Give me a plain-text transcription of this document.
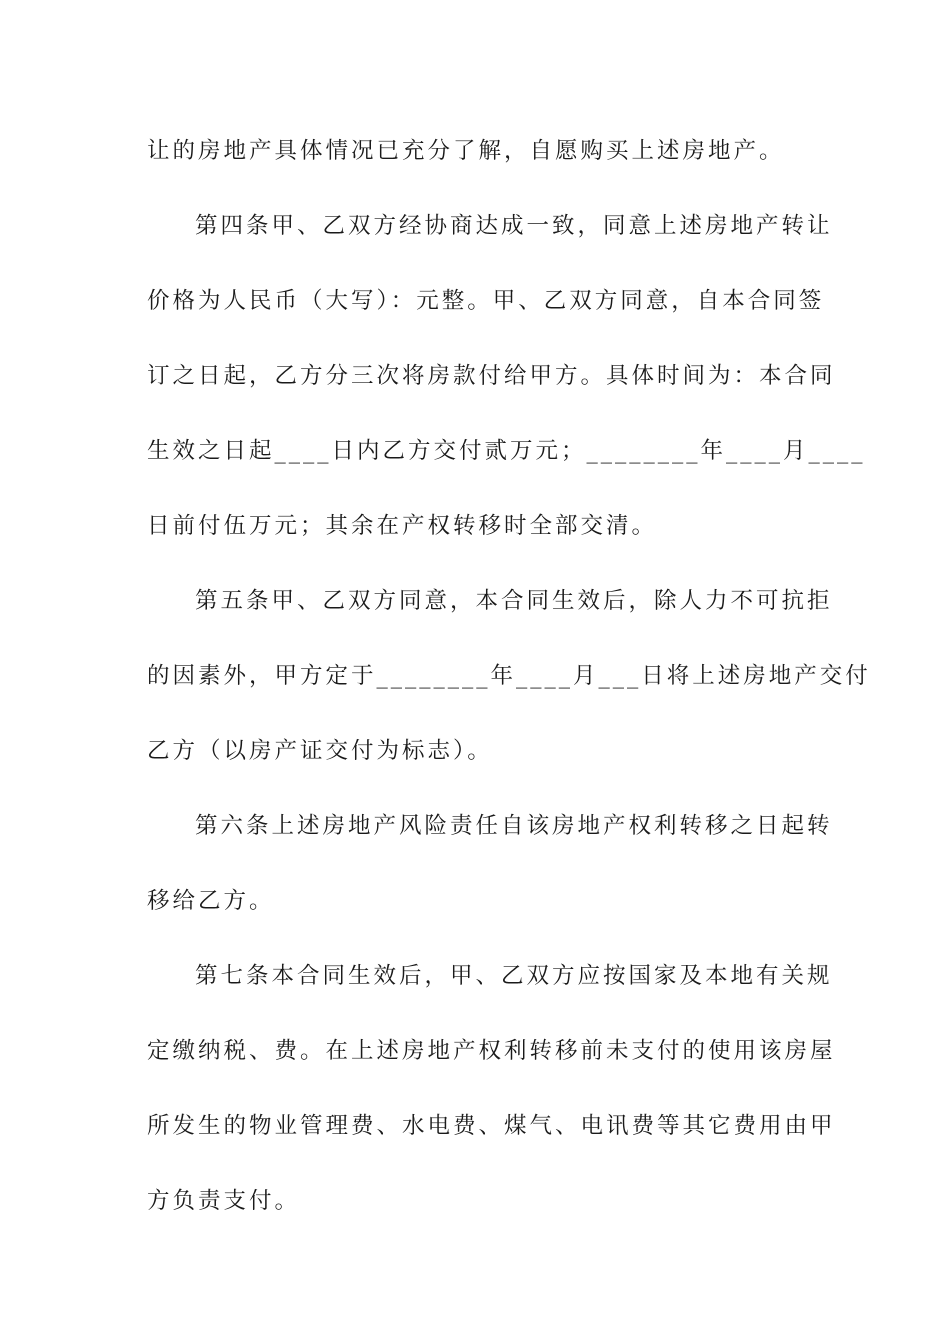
让的房地产具体情况已充分了解，自愿购买上述房地产。
第四条甲、乙双方经协商达成一致，同意上述房地产转让
价格为人民币（大写）：元整。甲、乙双方同意，自本合同签
订之日起，乙方分三次将房款付给甲方。具体时间为：本合同
生效之日起____日内乙方交付贰万元；________年____月____
日前付伍万元；其余在产权转移时全部交清。
第五条甲、乙双方同意，本合同生效后，除人力不可抗拒
的因素外，甲方定于________年____月___日将上述房地产交付
乙方（以房产证交付为标志）。
第六条上述房地产风险责任自该房地产权利转移之日起转
移给乙方。
第七条本合同生效后，甲、乙双方应按国家及本地有关规
定缴纳税、费。在上述房地产权利转移前未支付的使用该房屋
所发生的物业管理费、水电费、煤气、电讯费等其它费用由甲
方负责支付。
